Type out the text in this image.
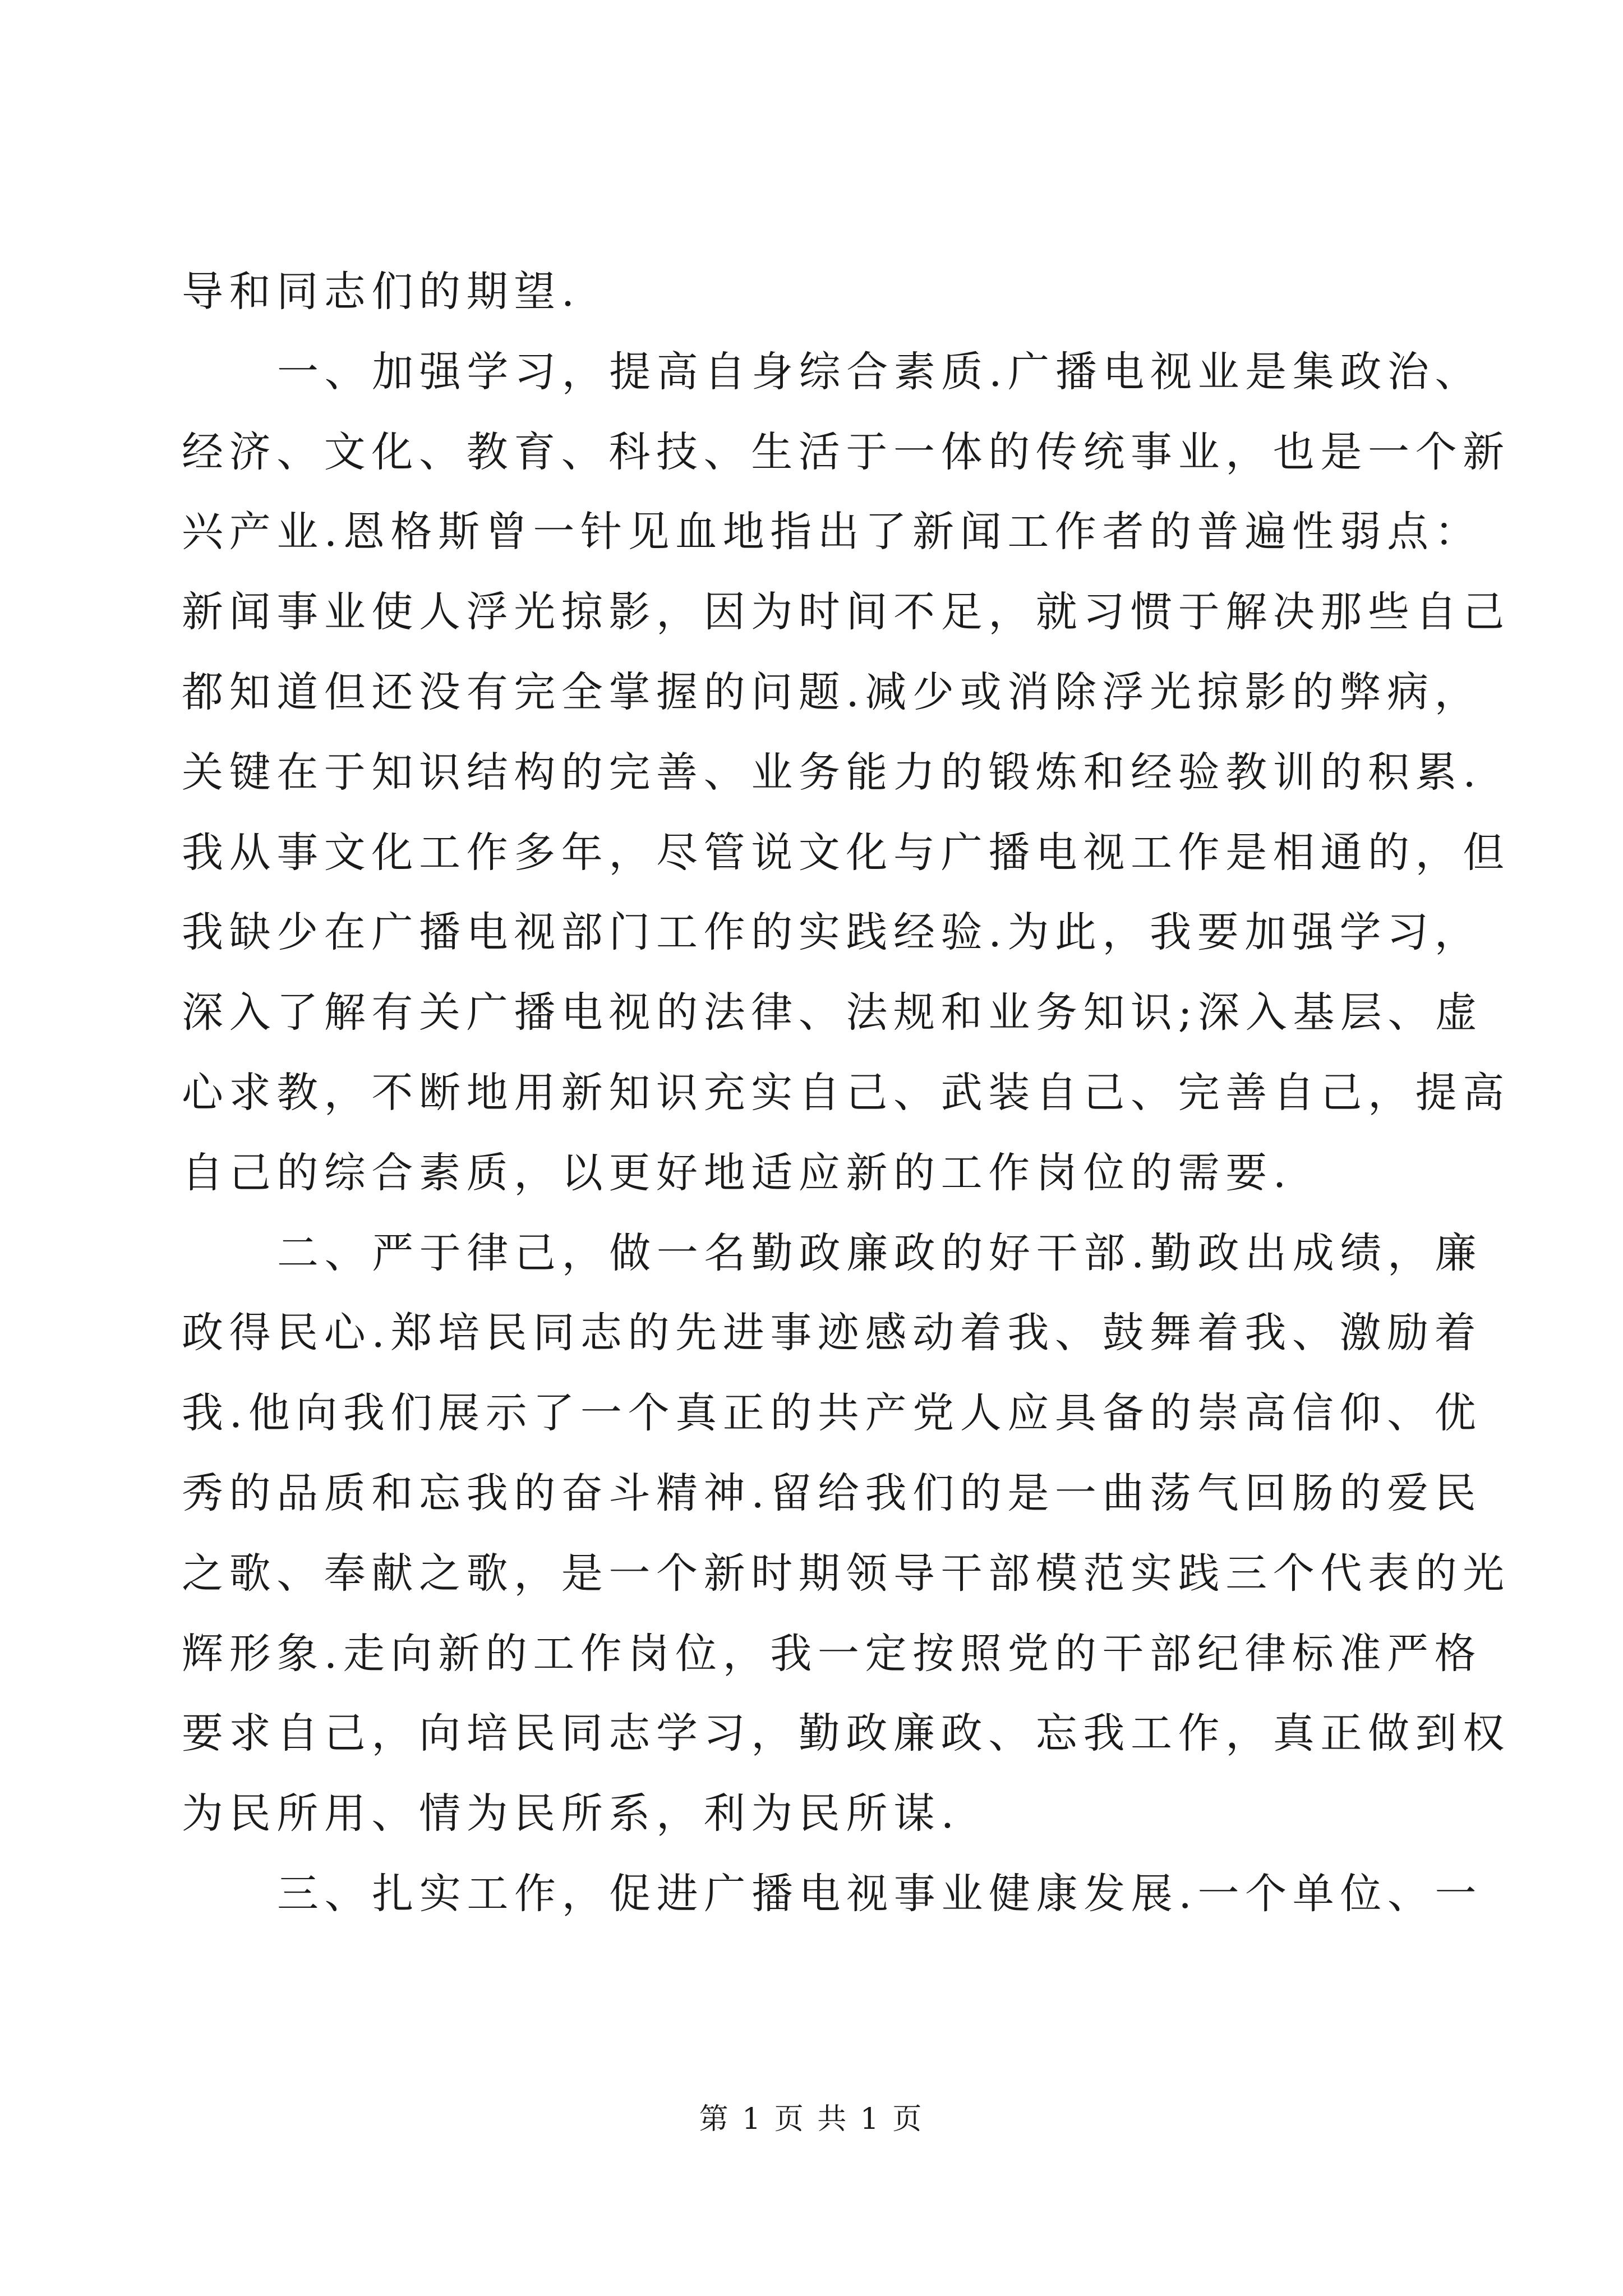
导和同志们的期望.
一、加强学习，提高自身综合素质.广播电视业是集政治、
经济、文化、教育、科技、生活于一体的传统事业，也是一个新
兴产业.恩格斯曾一针见血地指出了新闻工作者的普遍性弱点：
新闻事业使人浮光掠影，因为时间不足，就习惯于解决那些自己
都知道但还没有完全掌握的问题.减少或消除浮光掠影的弊病，
关键在于知识结构的完善、业务能力的锻炼和经验教训的积累.
我从事文化工作多年，尽管说文化与广播电视工作是相通的，但
我缺少在广播电视部门工作的实践经验.为此，我要加强学习，
深入了解有关广播电视的法律、法规和业务知识;深入基层、虚
心求教，不断地用新知识充实自己、武装自己、完善自己，提高
自己的综合素质，以更好地适应新的工作岗位的需要.
二、严于律己，做一名勤政廉政的好干部.勤政出成绩，廉
政得民心.郑培民同志的先进事迹感动着我、鼓舞着我、激励着
我.他向我们展示了一个真正的共产党人应具备的崇高信仰、优
秀的品质和忘我的奋斗精神.留给我们的是一曲荡气回肠的爱民
之歌、奉献之歌，是一个新时期领导干部模范实践三个代表的光
辉形象.走向新的工作岗位，我一定按照党的干部纪律标准严格
要求自己，向培民同志学习，勤政廉政、忘我工作，真正做到权
为民所用、情为民所系，利为民所谋.
三、扎实工作，促进广播电视事业健康发展.一个单位、一
第 1 页 共 1 页
